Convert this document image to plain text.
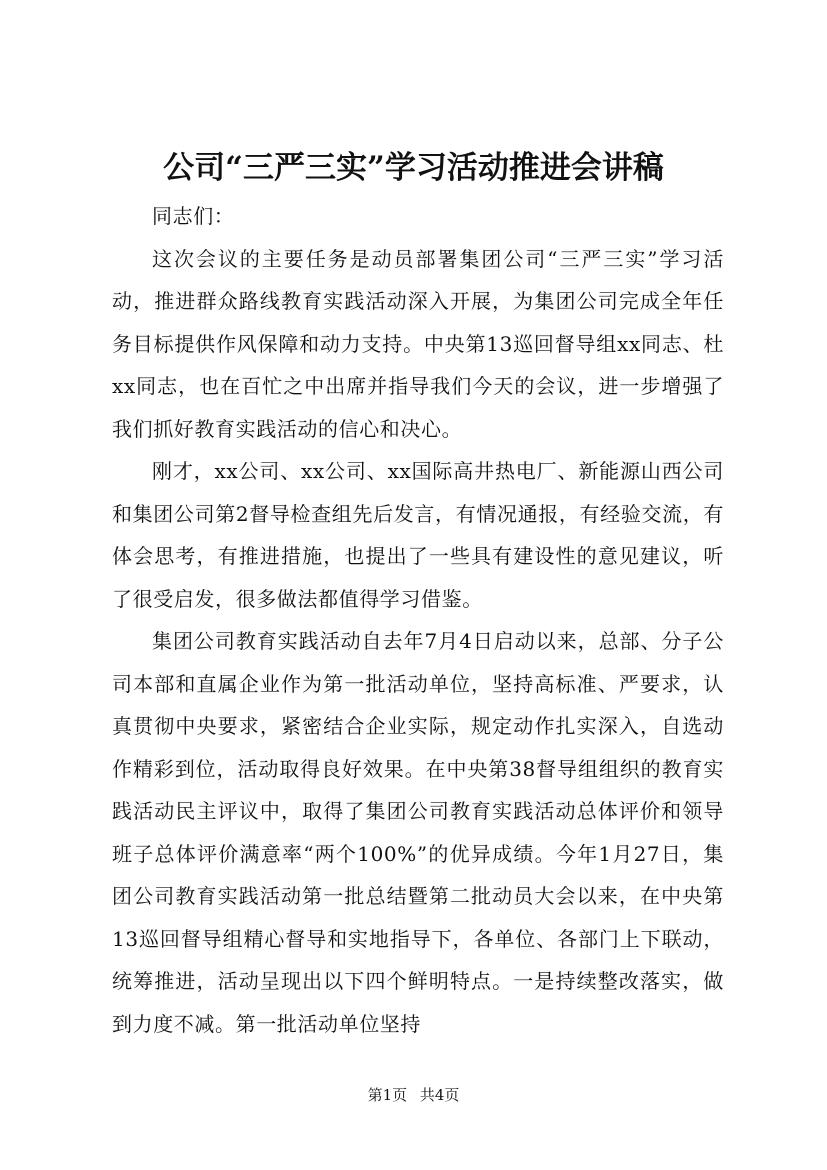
公司“三严三实”学习活动推进会讲稿

同志们：

这次会议的主要任务是动员部署集团公司“三严三实”学习活动，推进群众路线教育实践活动深入开展，为集团公司完成全年任务目标提供作风保障和动力支持。中央第13巡回督导组xx同志、杜xx同志，也在百忙之中出席并指导我们今天的会议，进一步增强了我们抓好教育实践活动的信心和决心。

刚才，xx公司、xx公司、xx国际高井热电厂、新能源山西公司和集团公司第2督导检查组先后发言，有情况通报，有经验交流，有体会思考，有推进措施，也提出了一些具有建设性的意见建议，听了很受启发，很多做法都值得学习借鉴。

集团公司教育实践活动自去年7月4日启动以来，总部、分子公司本部和直属企业作为第一批活动单位，坚持高标准、严要求，认真贯彻中央要求，紧密结合企业实际，规定动作扎实深入，自选动作精彩到位，活动取得良好效果。在中央第38督导组组织的教育实践活动民主评议中，取得了集团公司教育实践活动总体评价和领导班子总体评价满意率“两个100%”的优异成绩。今年1月27日，集团公司教育实践活动第一批总结暨第二批动员大会以来，在中央第13巡回督导组精心督导和实地指导下，各单位、各部门上下联动，统筹推进，活动呈现出以下四个鲜明特点。一是持续整改落实，做到力度不减。第一批活动单位坚持

第1页 共4页
